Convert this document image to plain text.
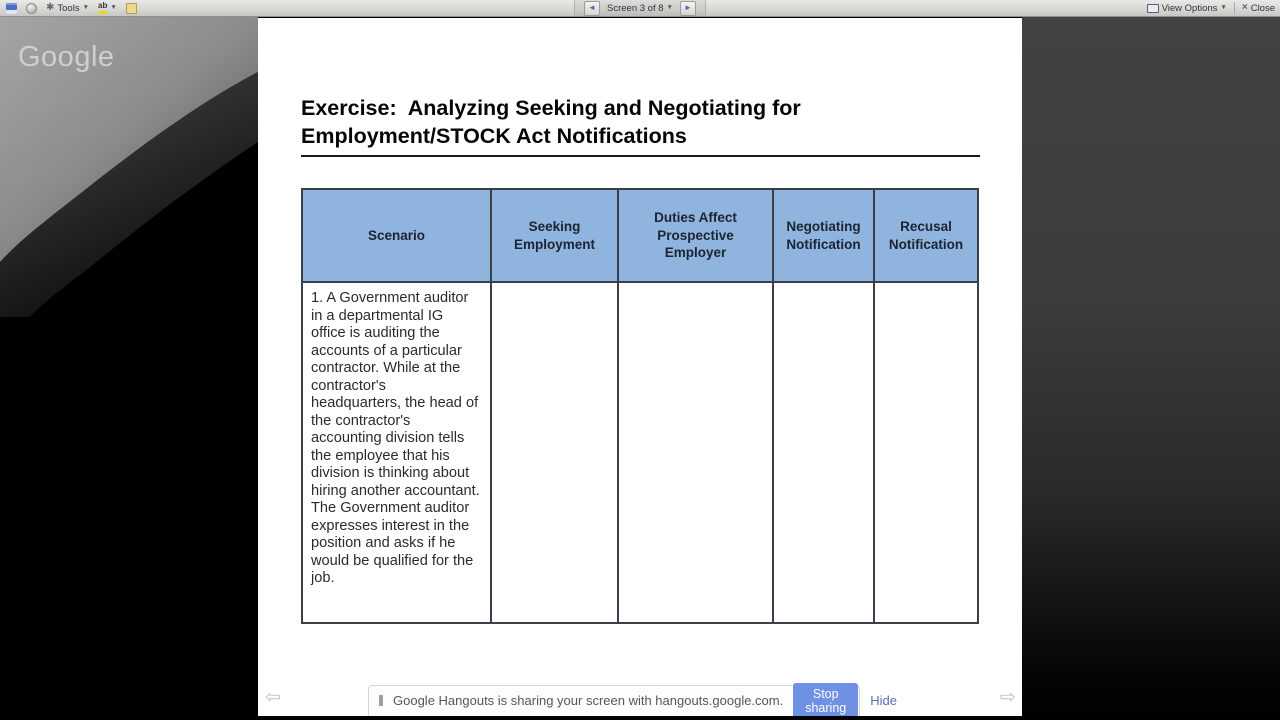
✱ Tools ▼ ab ▼	◄ Screen 3 of 8 ▼ ►	View Options ▼ × Close
Google
Exercise:  Analyzing Seeking and Negotiating for
Employment/STOCK Act Notifications
Scenario	Seeking Employment	Duties Affect Prospective Employer	Negotiating Notification	Recusal Notification
1. A Government auditor in a departmental IG office is auditing the accounts of a particular contractor. While at the contractor's headquarters, the head of the contractor's accounting division tells the employee that his division is thinking about hiring another accountant. The Government auditor expresses interest in the position and asks if he would be qualified for the job.				
⇦	⇨
Google Hangouts is sharing your screen with hangouts.google.com.	Stop sharing	Hide
